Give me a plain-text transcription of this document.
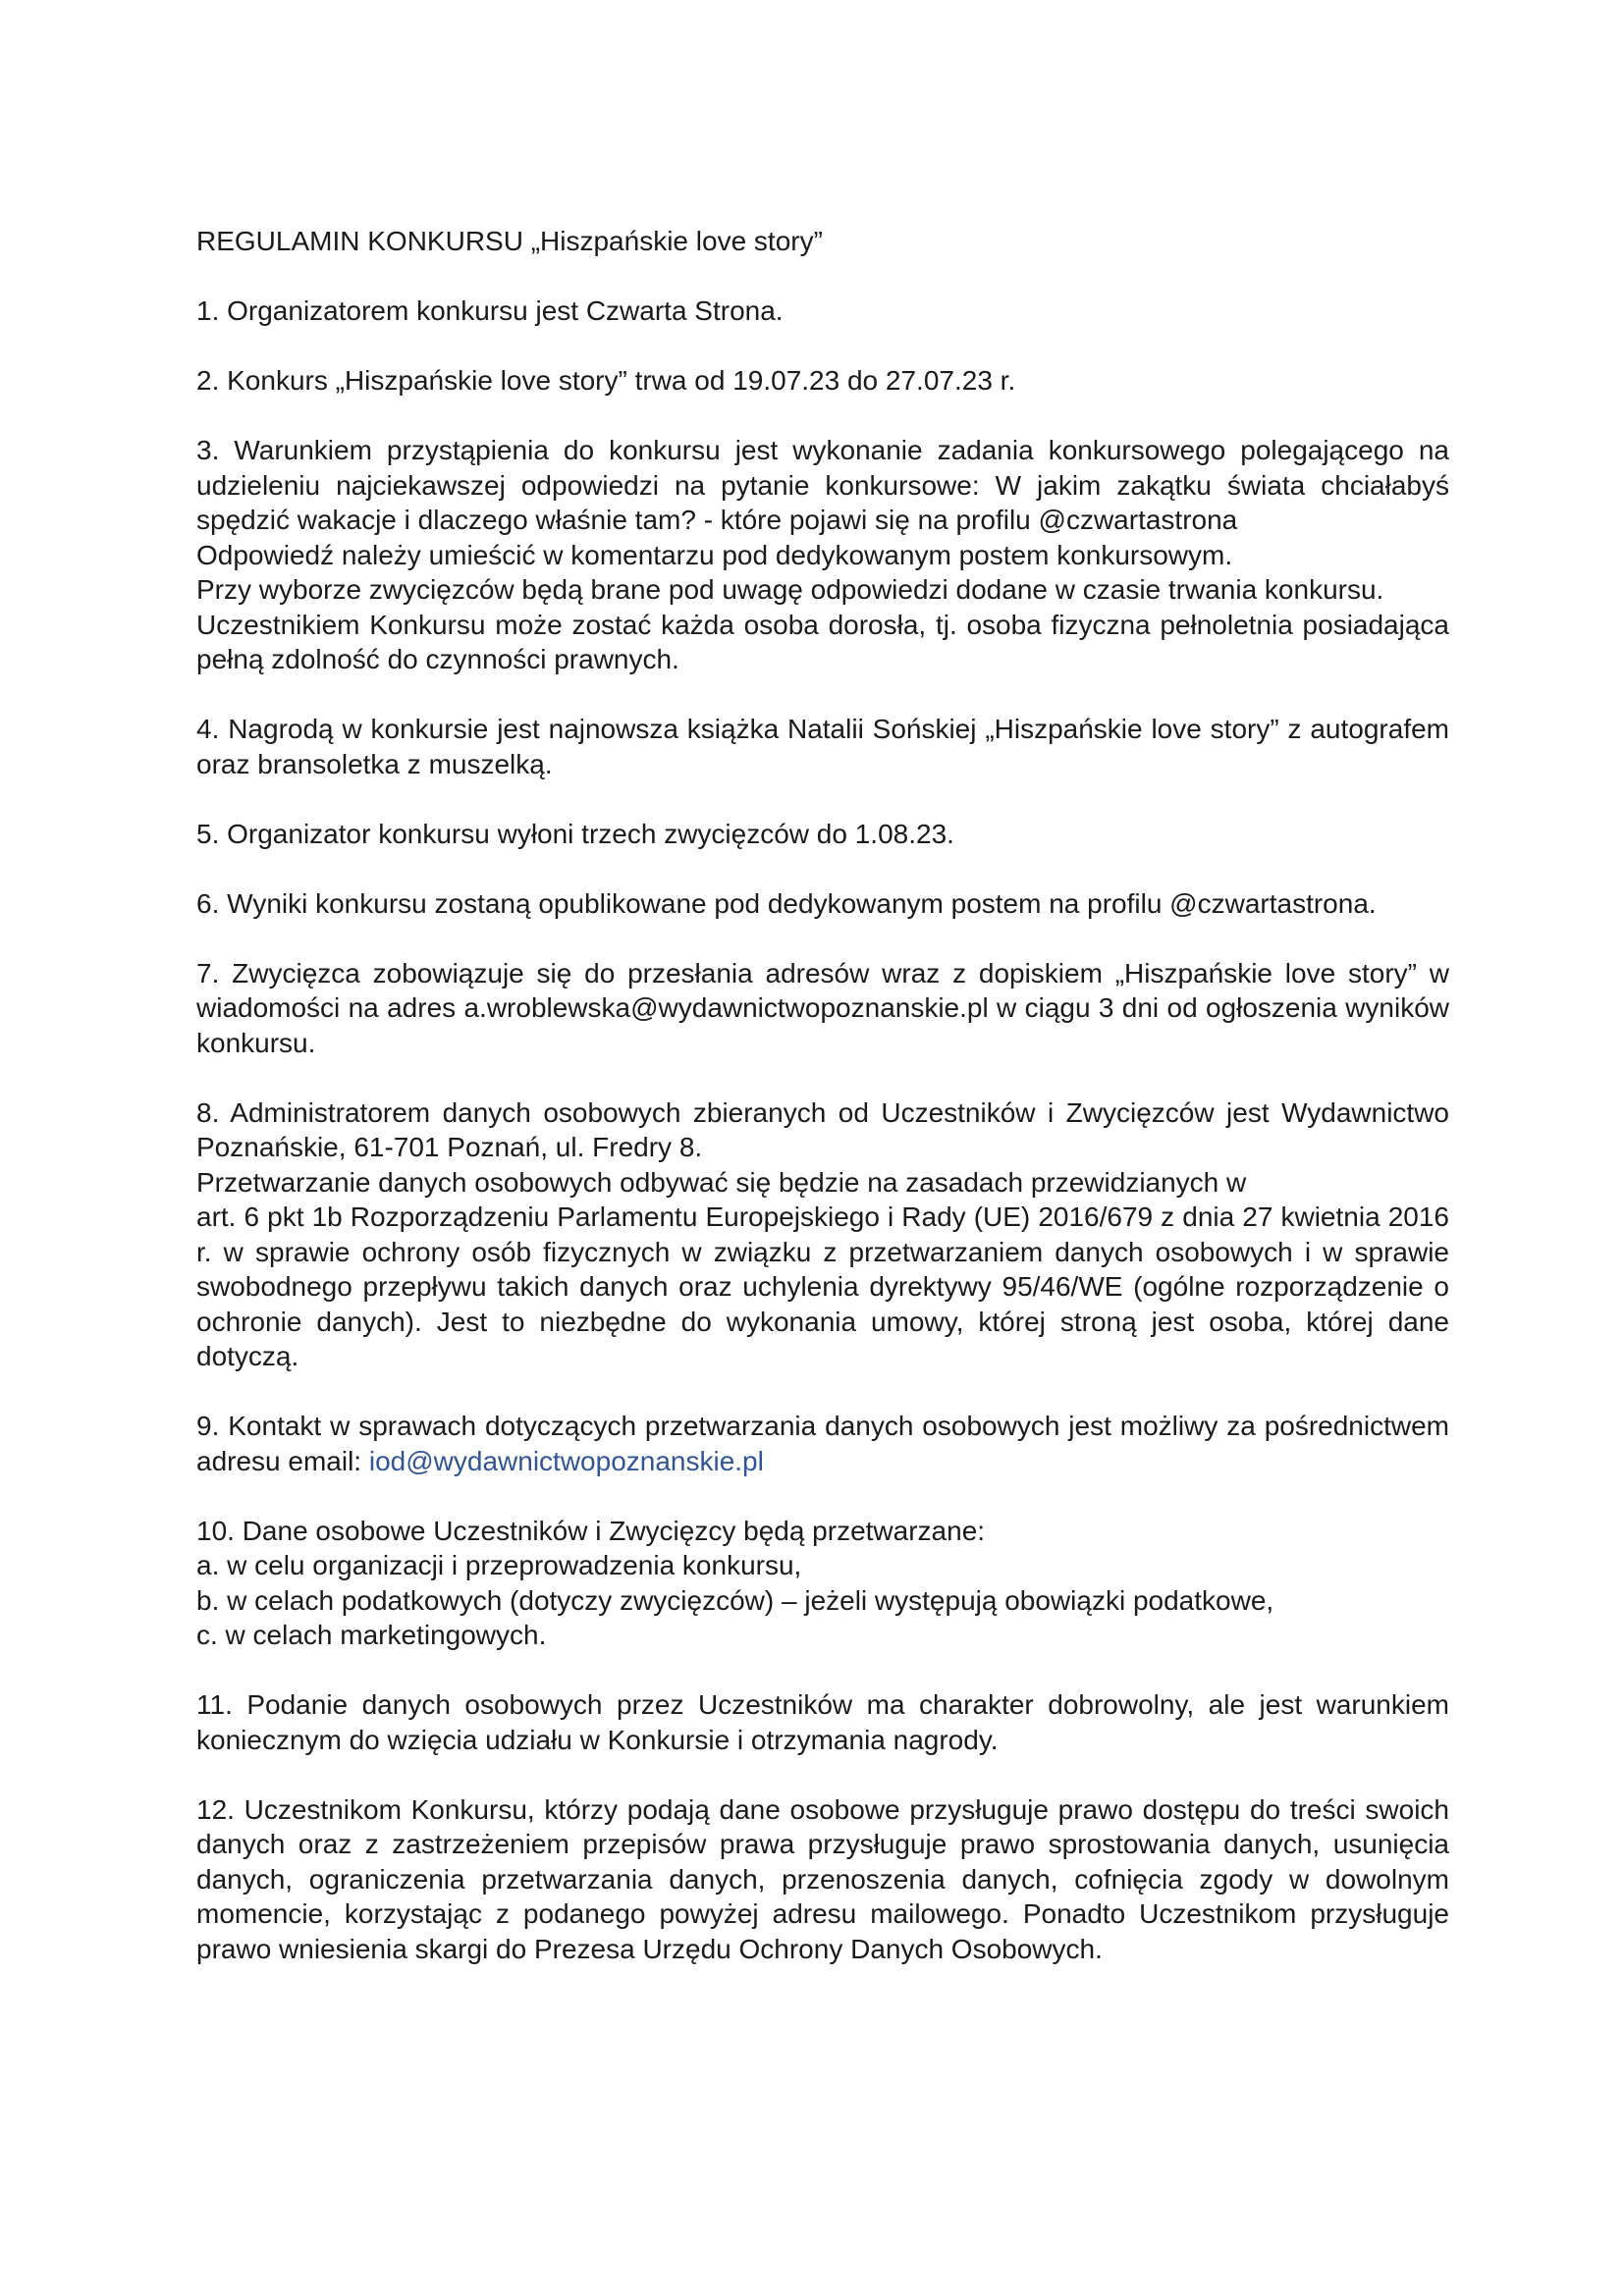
REGULAMIN KONKURSU „Hiszpańskie love story”

1. Organizatorem konkursu jest Czwarta Strona.

2. Konkurs „Hiszpańskie love story” trwa od 19.07.23 do 27.07.23 r.

3. Warunkiem przystąpienia do konkursu jest wykonanie zadania konkursowego polegającego na udzieleniu najciekawszej odpowiedzi na pytanie konkursowe: W jakim zakątku świata chciałabyś spędzić wakacje i dlaczego właśnie tam? - które pojawi się na profilu @czwartastrona

Odpowiedź należy umieścić w komentarzu pod dedykowanym postem konkursowym.

Przy wyborze zwycięzców będą brane pod uwagę odpowiedzi dodane w czasie trwania konkursu.

Uczestnikiem Konkursu może zostać każda osoba dorosła, tj. osoba fizyczna pełnoletnia posiadająca pełną zdolność do czynności prawnych.

4. Nagrodą w konkursie jest najnowsza książka Natalii Sońskiej „Hiszpańskie love story” z autografem oraz bransoletka z muszelką.

5. Organizator konkursu wyłoni trzech zwycięzców do 1.08.23.

6. Wyniki konkursu zostaną opublikowane pod dedykowanym postem na profilu @czwartastrona.

7. Zwycięzca zobowiązuje się do przesłania adresów wraz z dopiskiem „Hiszpańskie love story” w wiadomości na adres a.wroblewska@wydawnictwopoznanskie.pl w ciągu 3 dni od ogłoszenia wyników konkursu.

8. Administratorem danych osobowych zbieranych od Uczestników i Zwycięzców jest Wydawnictwo Poznańskie, 61-701 Poznań, ul. Fredry 8.

Przetwarzanie danych osobowych odbywać się będzie na zasadach przewidzianych w

art. 6 pkt 1b Rozporządzeniu Parlamentu Europejskiego i Rady (UE) 2016/679 z dnia 27 kwietnia 2016 r. w sprawie ochrony osób fizycznych w związku z przetwarzaniem danych osobowych i w sprawie swobodnego przepływu takich danych oraz uchylenia dyrektywy 95/46/WE (ogólne rozporządzenie o ochronie danych). Jest to niezbędne do wykonania umowy, której stroną jest osoba, której dane dotyczą.

9. Kontakt w sprawach dotyczących przetwarzania danych osobowych jest możliwy za pośrednictwem adresu email: iod@wydawnictwopoznanskie.pl

10. Dane osobowe Uczestników i Zwycięzcy będą przetwarzane:

a. w celu organizacji i przeprowadzenia konkursu,

b. w celach podatkowych (dotyczy zwycięzców) – jeżeli występują obowiązki podatkowe,

c. w celach marketingowych.

11. Podanie danych osobowych przez Uczestników ma charakter dobrowolny, ale jest warunkiem koniecznym do wzięcia udziału w Konkursie i otrzymania nagrody.

12. Uczestnikom Konkursu, którzy podają dane osobowe przysługuje prawo dostępu do treści swoich danych oraz z zastrzeżeniem przepisów prawa przysługuje prawo sprostowania danych, usunięcia danych, ograniczenia przetwarzania danych, przenoszenia danych, cofnięcia zgody w dowolnym momencie, korzystając z podanego powyżej adresu mailowego. Ponadto Uczestnikom przysługuje prawo wniesienia skargi do Prezesa Urzędu Ochrony Danych Osobowych.
